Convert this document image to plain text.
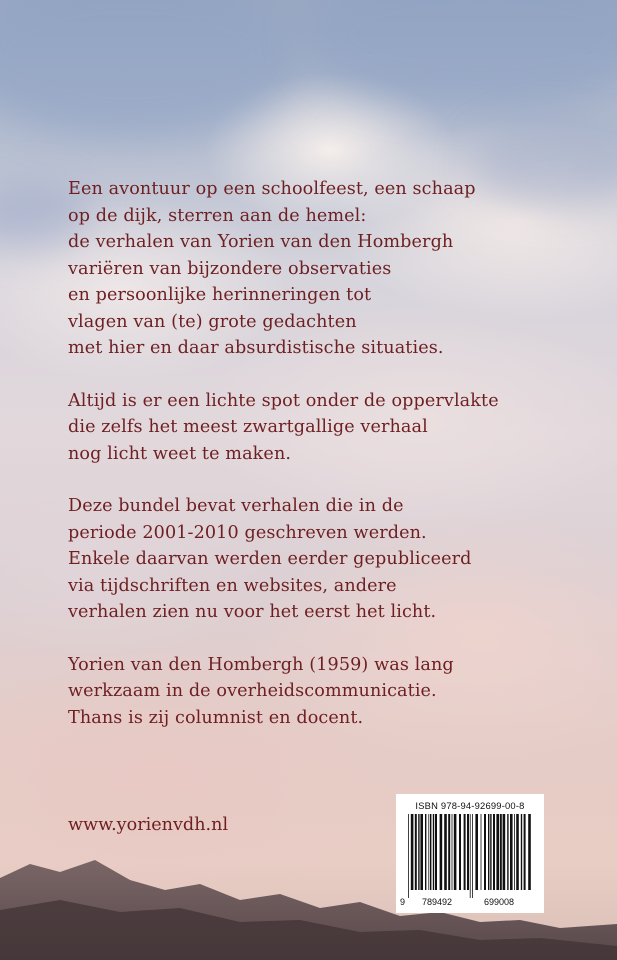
Een avontuur op een schoolfeest, een schaap
op de dijk, sterren aan de hemel:
de verhalen van Yorien van den Hombergh
variëren van bijzondere observaties
en persoonlijke herinneringen tot
vlagen van (te) grote gedachten
met hier en daar absurdistische situaties.

Altijd is er een lichte spot onder de oppervlakte
die zelfs het meest zwartgallige verhaal
nog licht weet te maken.

Deze bundel bevat verhalen die in de
periode 2001-2010 geschreven werden.
Enkele daarvan werden eerder gepubliceerd
via tijdschriften en websites, andere
verhalen zien nu voor het eerst het licht.

Yorien van den Hombergh (1959) was lang
werkzaam in de overheidscommunicatie.
Thans is zij columnist en docent.

www.yorienvdh.nl
ISBN 978-94-92699-00-8
9 789492	699008
